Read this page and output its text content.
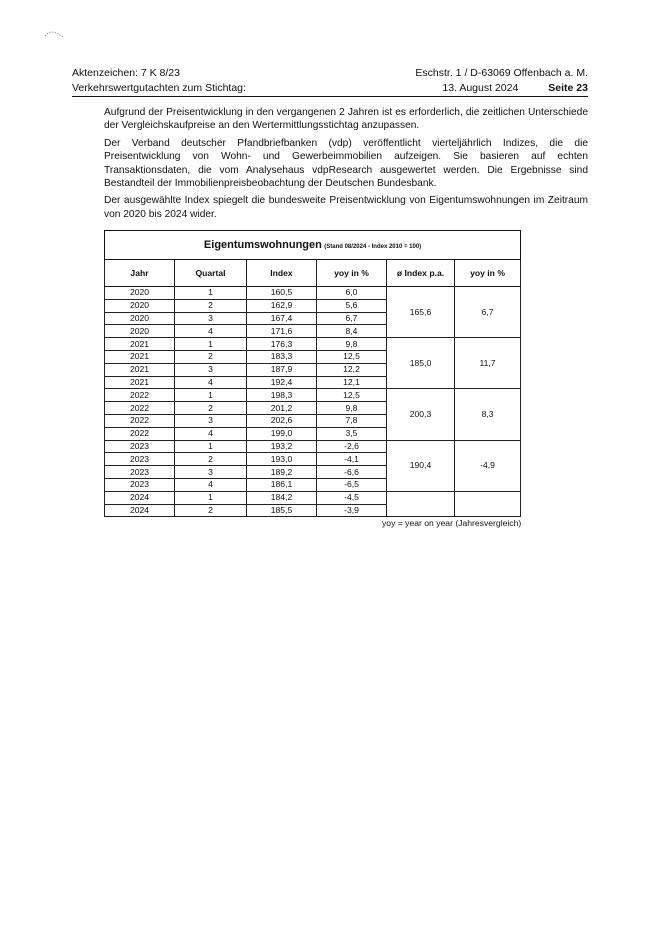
Aktenzeichen: 7 K 8/23	Eschstr. 1 / D-63069 Offenbach a. M.
Verkehrswertgutachten zum Stichtag:	13. August 2024	Seite 23

Aufgrund der Preisentwicklung in den vergangenen 2 Jahren ist es erforderlich, die zeitlichen Unterschiede der Vergleichskaufpreise an den Wertermittlungsstichtag anzupassen.

Der Verband deutscher Pfandbriefbanken (vdp) veröffentlicht vierteljährlich Indizes, die die Preisentwicklung von Wohn- und Gewerbeimmobilien aufzeigen. Sie basieren auf echten Transaktionsdaten, die vom Analysehaus vdpResearch ausgewertet werden. Die Ergebnisse sind Bestandteil der Immobilienpreisbeobachtung der Deutschen Bundesbank.

Der ausgewählte Index spiegelt die bundesweite Preisentwicklung von Eigentumswohnungen im Zeitraum von 2020 bis 2024 wider.

Eigentumswohnungen (Stand 08/2024 - Index 2010 = 100)					
Jahr	Quartal	Index	yoy in %	ø Index p.a.	yoy in %
2020	1	160,5	6,0	165,6	6,7
2020	2	162,9	5,6		
2020	3	167,4	6,7		
2020	4	171,6	8,4		
2021	1	176,3	9,8	185,0	11,7
2021	2	183,3	12,5		
2021	3	187,9	12,2		
2021	4	192,4	12,1		
2022	1	198,3	12,5	200,3	8,3
2022	2	201,2	9,8		
2022	3	202,6	7,8		
2022	4	199,0	3,5		
2023	1	193,2	-2,6	190,4	-4,9
2023	2	193,0	-4,1		
2023	3	189,2	-6,6		
2023	4	186,1	-6,5		
2024	1	184,2	-4,5		
2024	2	185,5	-3,9		
yoy = year on year (Jahresvergleich)
